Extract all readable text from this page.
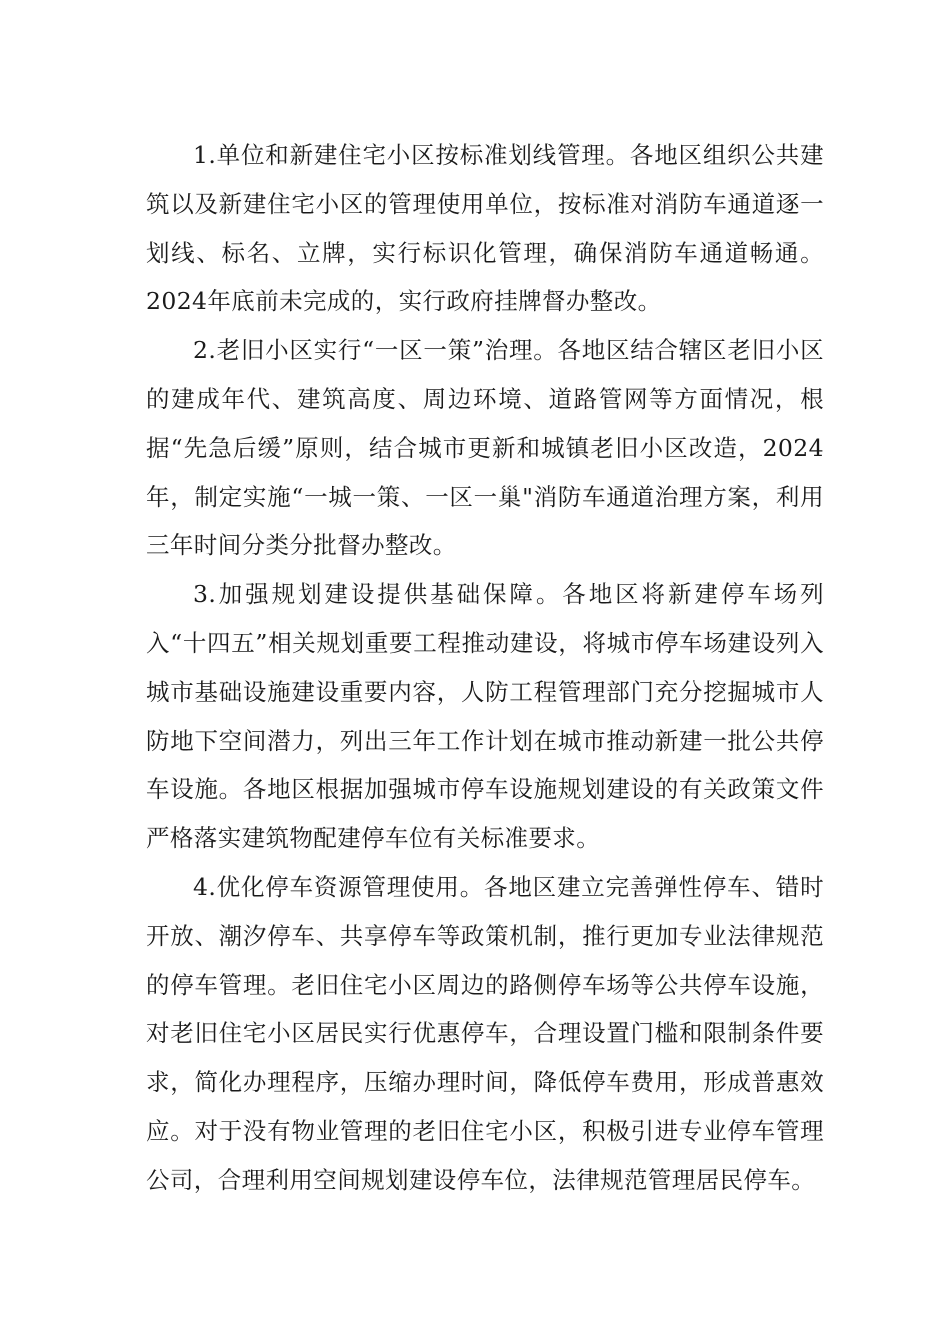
1.单位和新建住宅小区按标准划线管理。各地区组织公共建筑以及新建住宅小区的管理使用单位，按标准对消防车通道逐一划线、标名、立牌，实行标识化管理，确保消防车通道畅通。2024年底前未完成的，实行政府挂牌督办整改。

2.老旧小区实行“一区一策”治理。各地区结合辖区老旧小区的建成年代、建筑高度、周边环境、道路管网等方面情况，根据“先急后缓”原则，结合城市更新和城镇老旧小区改造，2024年，制定实施“一城一策、一区一巢"消防车通道治理方案，利用三年时间分类分批督办整改。

3.加强规划建设提供基础保障。各地区将新建停车场列入“十四五”相关规划重要工程推动建设，将城市停车场建设列入城市基础设施建设重要内容，人防工程管理部门充分挖掘城市人防地下空间潜力，列出三年工作计划在城市推动新建一批公共停车设施。各地区根据加强城市停车设施规划建设的有关政策文件严格落实建筑物配建停车位有关标准要求。

4.优化停车资源管理使用。各地区建立完善弹性停车、错时开放、潮汐停车、共享停车等政策机制，推行更加专业法律规范的停车管理。老旧住宅小区周边的路侧停车场等公共停车设施，对老旧住宅小区居民实行优惠停车，合理设置门槛和限制条件要求，简化办理程序，压缩办理时间，降低停车费用，形成普惠效应。对于没有物业管理的老旧住宅小区，积极引进专业停车管理公司，合理利用空间规划建设停车位，法律规范管理居民停车。
